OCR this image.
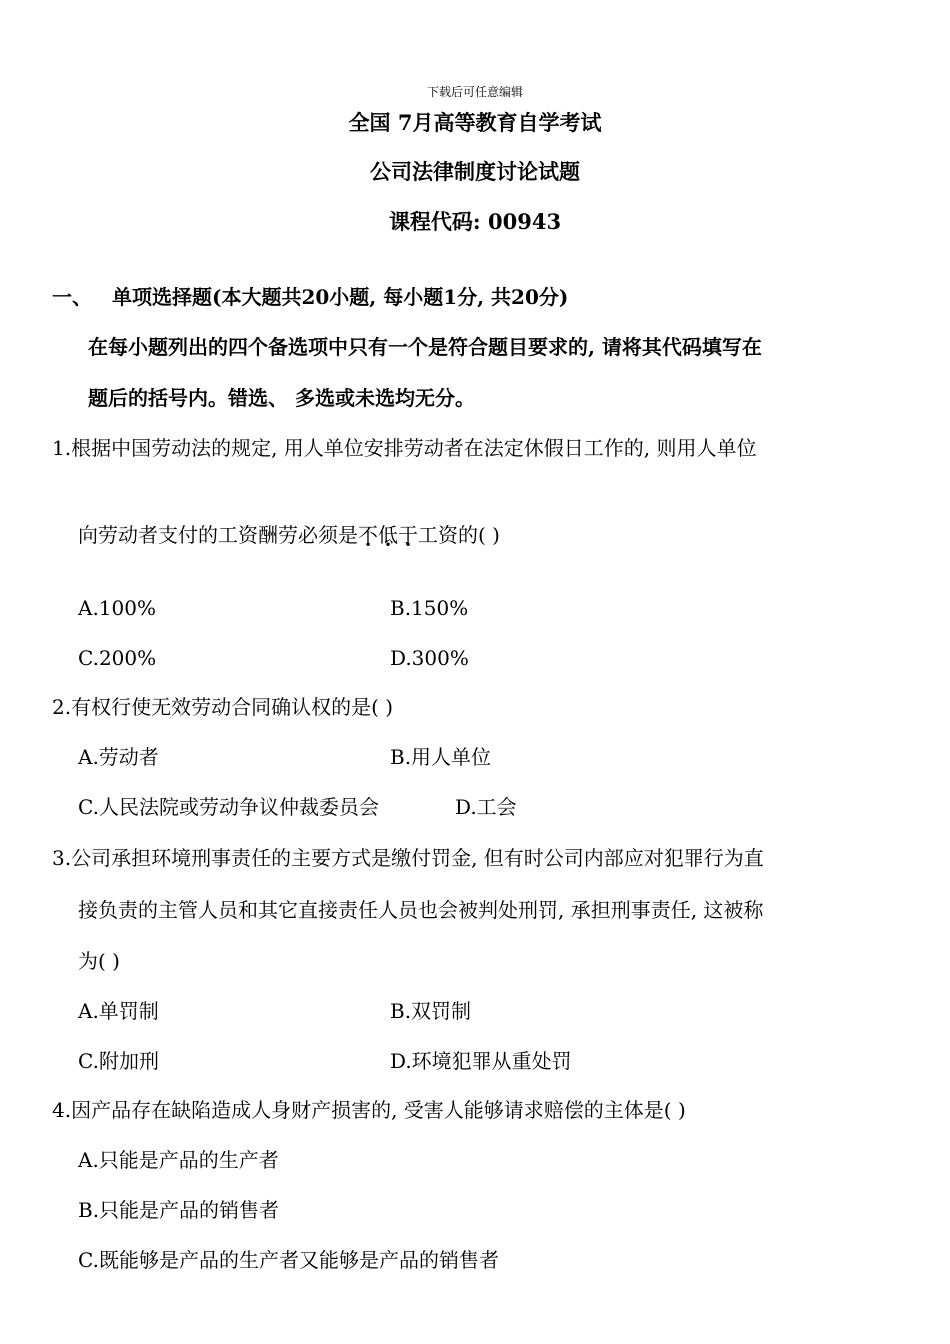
下载后可任意编辑
全国 7月高等教育自学考试
公司法律制度讨论试题
课程代码: 00943
一、 单项选择题(本大题共20小题, 每小题1分, 共20分)
在每小题列出的四个备选项中只有一个是符合题目要求的, 请将其代码填写在
题后的括号内。错选、 多选或未选均无分。
1.根据中国劳动法的规定, 用人单位安排劳动者在法定休假日工作的, 则用人单位
向劳动者支付的工资酬劳必须是不低于工资的( )
A.100%	B.150%
C.200%	D.300%
2.有权行使无效劳动合同确认权的是( )
A.劳动者	B.用人单位
C.人民法院或劳动争议仲裁委员会	D.工会
3.公司承担环境刑事责任的主要方式是缴付罚金, 但有时公司内部应对犯罪行为直
接负责的主管人员和其它直接责任人员也会被判处刑罚, 承担刑事责任, 这被称
为( )
A.单罚制	B.双罚制
C.附加刑	D.环境犯罪从重处罚
4.因产品存在缺陷造成人身财产损害的, 受害人能够请求赔偿的主体是( )
A.只能是产品的生产者
B.只能是产品的销售者
C.既能够是产品的生产者又能够是产品的销售者
